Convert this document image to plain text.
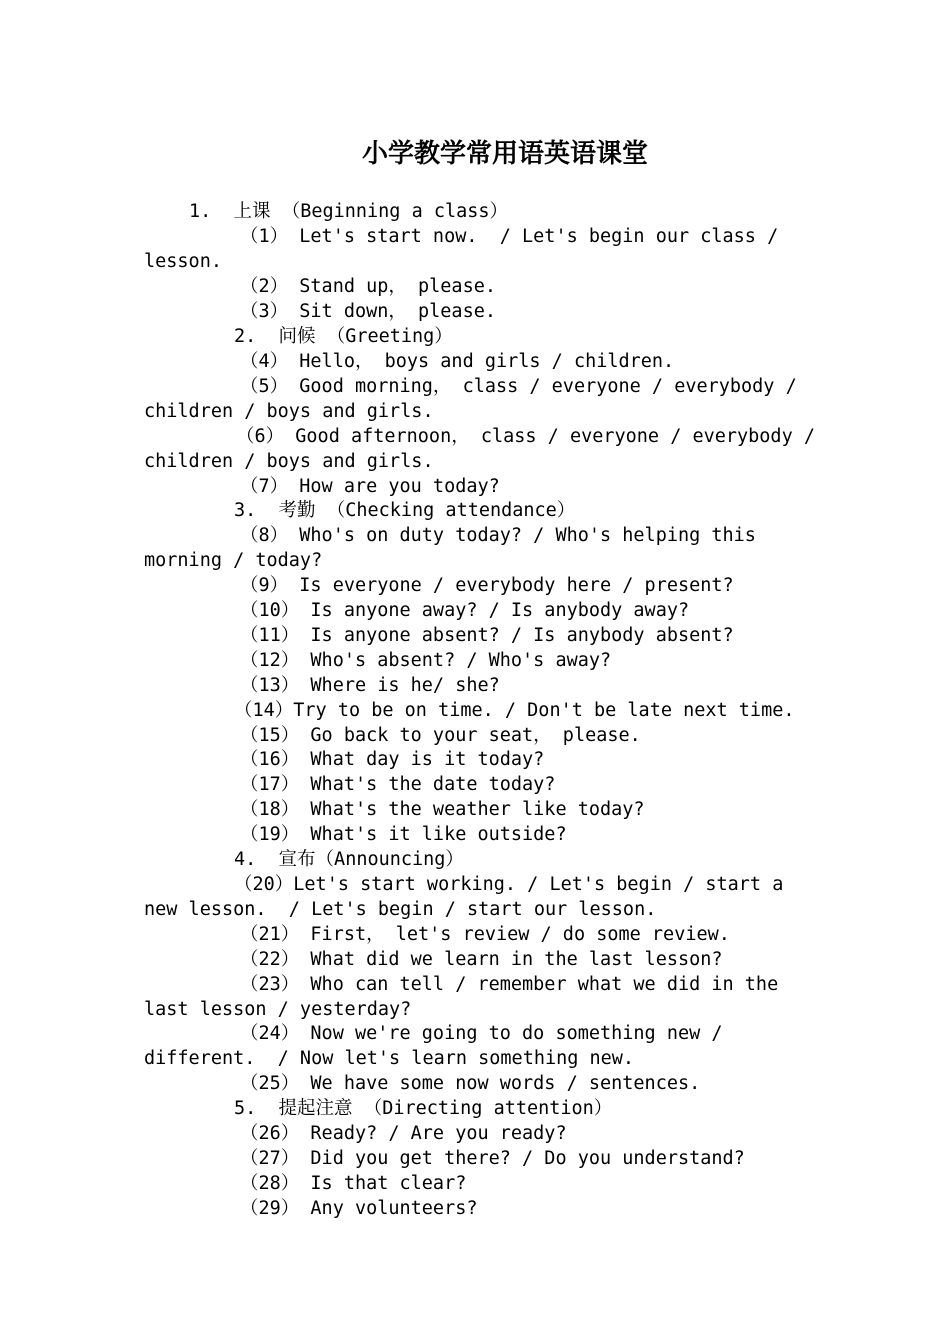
小学教学常用语英语课堂
1.  上课 （Beginning a class）
（1） Let's start now.  / Let's begin our class /
lesson.
（2） Stand up， please.
（3） Sit down， please.
2.  问候 （Greeting）
（4） Hello， boys and girls / children.
（5） Good morning， class / everyone / everybody /
children / boys and girls.
（6） Good afternoon， class / everyone / everybody /
children / boys and girls.
（7） How are you today?
3.  考勤 （Checking attendance）
（8） Who's on duty today? / Who's helping this
morning / today?
（9） Is everyone / everybody here / present?
（10） Is anyone away? / Is anybody away?
（11） Is anyone absent? / Is anybody absent?
（12） Who's absent? / Who's away?
（13） Where is he/ she?
（14）Try to be on time. / Don't be late next time.
（15） Go back to your seat， please.
（16） What day is it today?
（17） What's the date today?
（18） What's the weather like today?
（19） What's it like outside?
4.  宣布（Announcing）
（20）Let's start working. / Let's begin / start a
new lesson.  / Let's begin / start our lesson.
（21） First， let's review / do some review.
（22） What did we learn in the last lesson?
（23） Who can tell / remember what we did in the
last lesson / yesterday?
（24） Now we're going to do something new /
different.  / Now let's learn something new.
（25） We have some now words / sentences.
5.  提起注意 （Directing attention）
（26） Ready? / Are you ready?
（27） Did you get there? / Do you understand?
（28） Is that clear?
（29） Any volunteers?
